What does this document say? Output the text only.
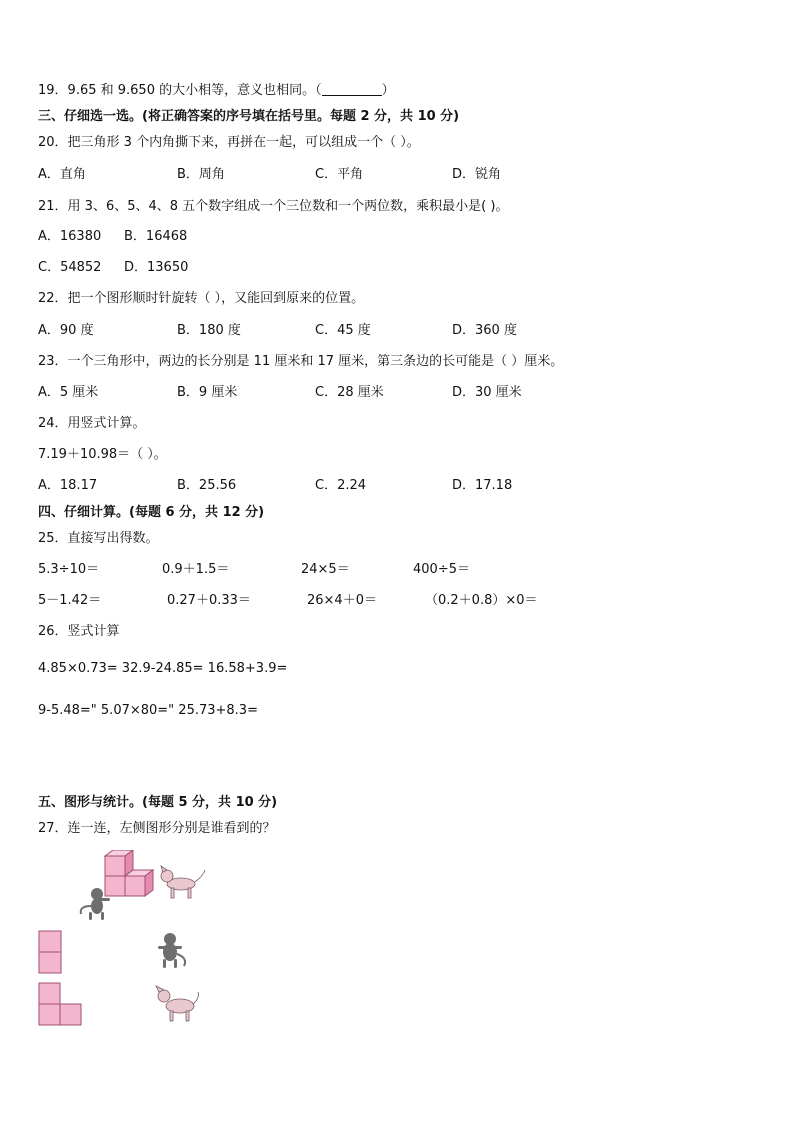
19．9.65 和 9.650 的大小相等，意义也相同。（	）
三、仔细选一选。(将正确答案的序号填在括号里。每题 2 分，共 10 分)
20．把三角形 3 个内角撕下来，再拼在一起，可以组成一个（ ）。
A．直角	B．周角	C．平角	D．锐角
21．用 3、6、5、4、8 五个数字组成一个三位数和一个两位数，乘积最小是( )。
A．16380 B．16468
C．54852 D．13650
22．把一个图形顺时针旋转（ ），又能回到原来的位置。
A．90 度	B．180 度	C．45 度	D．360 度
23．一个三角形中，两边的长分别是 11 厘米和 17 厘米，第三条边的长可能是（ ）厘米。
A．5 厘米	B．9 厘米	C．28 厘米	D．30 厘米
24．用竖式计算。
7.19＋10.98＝（ ）。
A．18.17	B．25.56	C．2.24	D．17.18
四、仔细计算。(每题 6 分，共 12 分)
25．直接写出得数。
5.3÷10＝	0.9＋1.5＝	24×5＝	400÷5＝
5－1.42＝	0.27＋0.33＝	26×4＋0＝	（0.2＋0.8）×0＝
26．竖式计算
4.85×0.73= 32.9-24.85= 16.58+3.9=
9-5.48=" 5.07×80=" 25.73+8.3=
五、图形与统计。(每题 5 分，共 10 分)
27．连一连，左侧图形分别是谁看到的？
